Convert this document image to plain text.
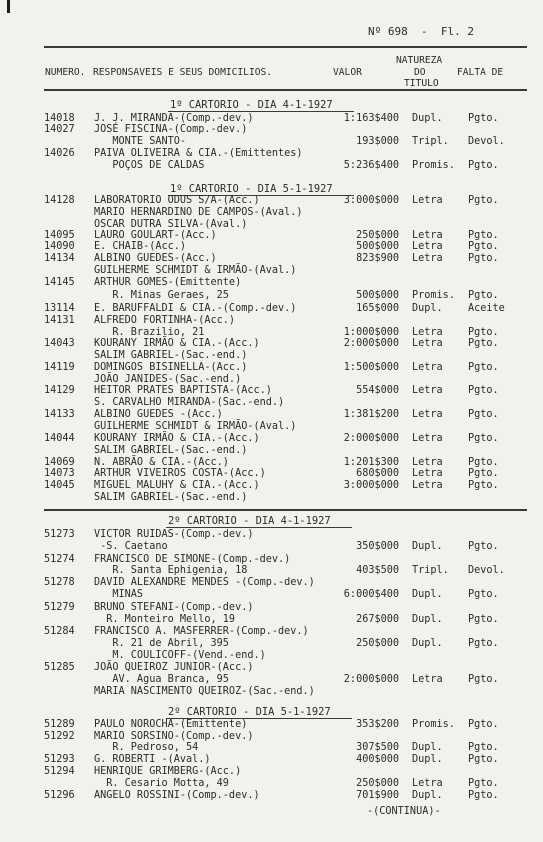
Nº 698  -  Fl. 2
NUMERO. RESPONSAVEIS E SEUS DOMICILIOS.	VALOR
NATUREZA
DO
TITULO
FALTA DE
1º CARTORIO - DIA 4-1-1927
1º CARTORIO - DIA 5-1-1927
2º CARTORIO - DIA 4-1-1927
2º CARTORIO - DIA 5-1-1927
14018 J. J. MIRANDA-(Comp.-dev.)	1:163$400 Dupl. Pgto.
14027 JOSÉ FISCINA-(Comp.-dev.)
MONTE SANTO-	193$000 Tripl. Devol.
14026 PAIVA OLIVEIRA & CIA.-(Emittentes)
POÇOS DE CALDAS	5:236$400 Promis. Pgto.
14128 LABORATORIO ODUS S/A-(Acc.)	3:000$000 Letra Pgto.
MARIO HERNARDINO DE CAMPOS-(Aval.)
OSCAR DUTRA SILVA-(Aval.)
14095 LAURO GOULART-(Acc.)	250$000 Letra Pgto.
14090 E. CHAIB-(Acc.)	500$000 Letra Pgto.
14134 ALBINO GUEDES-(Acc.)	823$900 Letra Pgto.
GUILHERME SCHMIDT & IRMÃO-(Aval.)
14145 ARTHUR GOMES-(Emittente)
R. Minas Geraes, 25	500$000 Promis. Pgto.
13114 E. BARUFFALDI & CIA.-(Comp.-dev.)	165$000 Dupl. Aceite
14131 ALFREDO FORTINHA-(Acc.)
R. Brazilio, 21	1:000$000 Letra Pgto.
14043 KOURANY IRMÃO & CIA.-(Acc.)	2:000$000 Letra Pgto.
SALIM GABRIEL-(Sac.-end.)
14119 DOMINGOS BISINELLA-(Acc.)	1:500$000 Letra Pgto.
JOÃO JANIDES-(Sac.-end.)
14129 HEITOR PRATES BAPTISTA-(Acc.)	554$000 Letra Pgto.
S. CARVALHO MIRANDA-(Sac.-end.)
14133 ALBINO GUEDES -(Acc.)	1:381$200 Letra Pgto.
GUILHERME SCHMIDT & IRMÃO-(Aval.)
14044 KOURANY IRMÃO & CIA.-(Acc.)	2:000$000 Letra Pgto.
SALIM GABRIEL-(Sac.-end.)
14069 N. ABRÃO & CIA.-(Acc.)	1:201$300 Letra Pgto.
14073 ARTHUR VIVEIROS COSTA-(Acc.)	680$000 Letra Pgto.
14045 MIGUEL MALUHY & CIA.-(Acc.)	3:000$000 Letra Pgto.
SALIM GABRIEL-(Sac.-end.)
51273 VICTOR RUIDAS-(Comp.-dev.)
-S. Caetano	350$000 Dupl. Pgto.
51274 FRANCISCO DE SIMONE-(Comp.-dev.)
R. Santa Ephigenia, 18	403$500 Tripl. Devol.
51278 DAVID ALEXANDRE MENDES -(Comp.-dev.)
MINAS	6:000$400 Dupl. Pgto.
51279 BRUNO STEFANI-(Comp.-dev.)
R. Monteiro Mello, 19	267$000 Dupl. Pgto.
51284 FRANCISCO A. MASFERRER-(Comp.-dev.)
R. 21 de Abril, 395	250$000 Dupl. Pgto.
M. COULICOFF-(Vend.-end.)
51285 JOÃO QUEIROZ JUNIOR-(Acc.)
AV. Agua Branca, 95	2:000$000 Letra Pgto.
MARIA NASCIMENTO QUEIROZ-(Sac.-end.)
51289 PAULO NOROCHA-(Emittente)	353$200 Promis. Pgto.
51292 MARIO SORSINO-(Comp.-dev.)
R. Pedroso, 54	307$500 Dupl. Pgto.
51293 G. ROBERTI -(Aval.)	400$000 Dupl. Pgto.
51294 HENRIQUE GRIMBERG-(Acc.)
R. Cesario Motta, 49	250$000 Letra Pgto.
51296 ANGELO ROSSINI-(Comp.-dev.)	701$900 Dupl. Pgto.
-(CONTINUA)-
